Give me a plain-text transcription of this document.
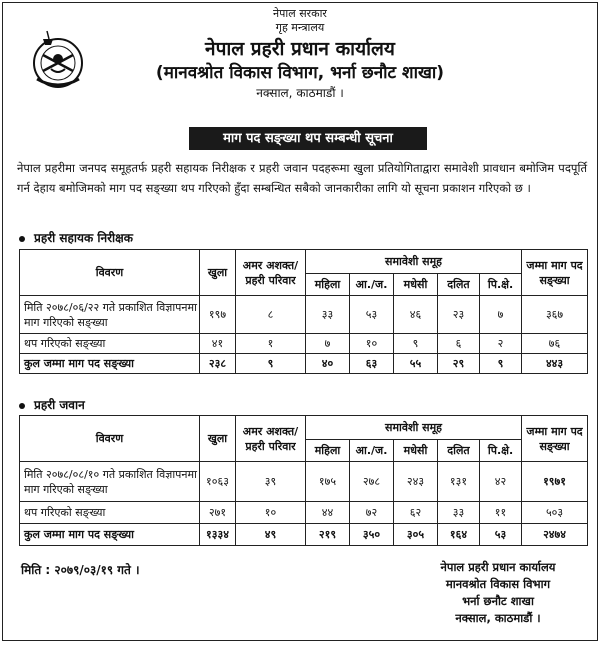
नेपाल सरकार
गृह मन्त्रालय
नेपाल प्रहरी प्रधान कार्यालय
(मानवश्रोत विकास विभाग, भर्ना छनौट शाखा)
नक्साल, काठमाडौं ।
माग पद सङ्ख्या थप सम्बन्धी सूचना
नेपाल प्रहरीमा जनपद समूहतर्फ प्रहरी सहायक निरीक्षक र प्रहरी जवान पदहरूमा खुला प्रतियोगिताद्वारा समावेशी प्रावधान बमोजिम पदपूर्ति गर्न देहाय बमोजिमको माग पद सङ्ख्या थप गरिएको हुँदा सम्बन्धित सबैको जानकारीका लागि यो सूचना प्रकाशन गरिएको छ ।
प्रहरी सहायक निरीक्षक
विवरण	खुला	अमर अशक्त/ प्रहरी परिवार	समावेशी समूह					जम्मा माग पद सङ्ख्या
			महिला	आ./ज.	मधेसी	दलित	पि.क्षे.	
मिति २०७८/०६/२२ गते प्रकाशित विज्ञापनमा माग गरिएको सङ्ख्या	१९७	८	३३	५३	४६	२३	७	३६७
थप गरिएको सङ्ख्या	४१	१	७	१०	९	६	२	७६
कुल जम्मा माग पद सङ्ख्या	२३८	९	४०	६३	५५	२९	९	४४३
प्रहरी जवान
विवरण	खुला	अमर अशक्त/ प्रहरी परिवार	समावेशी समूह					जम्मा माग पद सङ्ख्या
			महिला	आ./ज.	मधेसी	दलित	पि.क्षे.	
मिति २०७८/०८/१० गते प्रकाशित विज्ञापनमा माग गरिएको सङ्ख्या	१०६३	३९	१७५	२७८	२४३	१३१	४२	१९७१
थप गरिएको सङ्ख्या	२७१	१०	४४	७२	६२	३३	११	५०३
कुल जम्मा माग पद सङ्ख्या	१३३४	४९	२१९	३५०	३०५	१६४	५३	२४७४
मिति : २०७९/०३/१९ गते ।	नेपाल प्रहरी प्रधान कार्यालय
मानवश्रोत विकास विभाग
भर्ना छनौट शाखा
नक्साल, काठमाडौं ।
